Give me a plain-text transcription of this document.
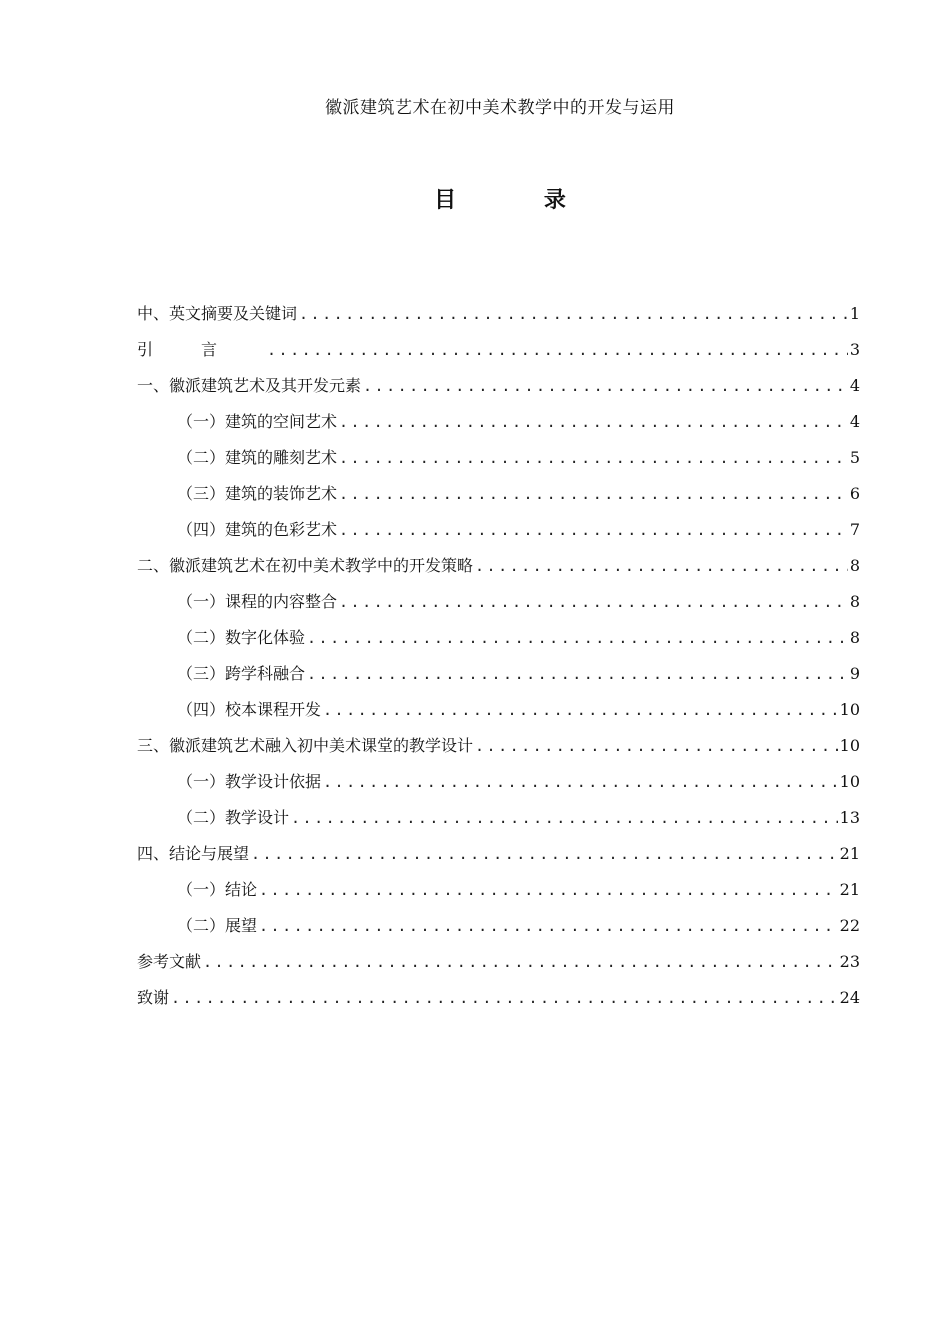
徽派建筑艺术在初中美术教学中的开发与运用
目 录
中、英文摘要及关键词 .....	1
引言 .....	3
一、 徽派建筑艺术及其开发元素 .....	4
（一） 建筑的空间艺术 .....	4
（二） 建筑的雕刻艺术 .....	5
（三） 建筑的装饰艺术 .....	6
（四） 建筑的色彩艺术 .....	7
二、 徽派建筑艺术在初中美术教学中的开发策略 .....	8
（一） 课程的内容整合 .....	8
（二） 数字化体验 .....	8
（三） 跨学科融合 .....	9
（四） 校本课程开发 .....	10
三、 徽派建筑艺术融入初中美术课堂的教学设计 .....	10
（一） 教学设计依据 .....	10
（二） 教学设计 .....	13
四、 结论与展望 .....	21
（一） 结论 .....	21
（二） 展望 .....	22
参考文献 .....	23
致谢 .....	24
